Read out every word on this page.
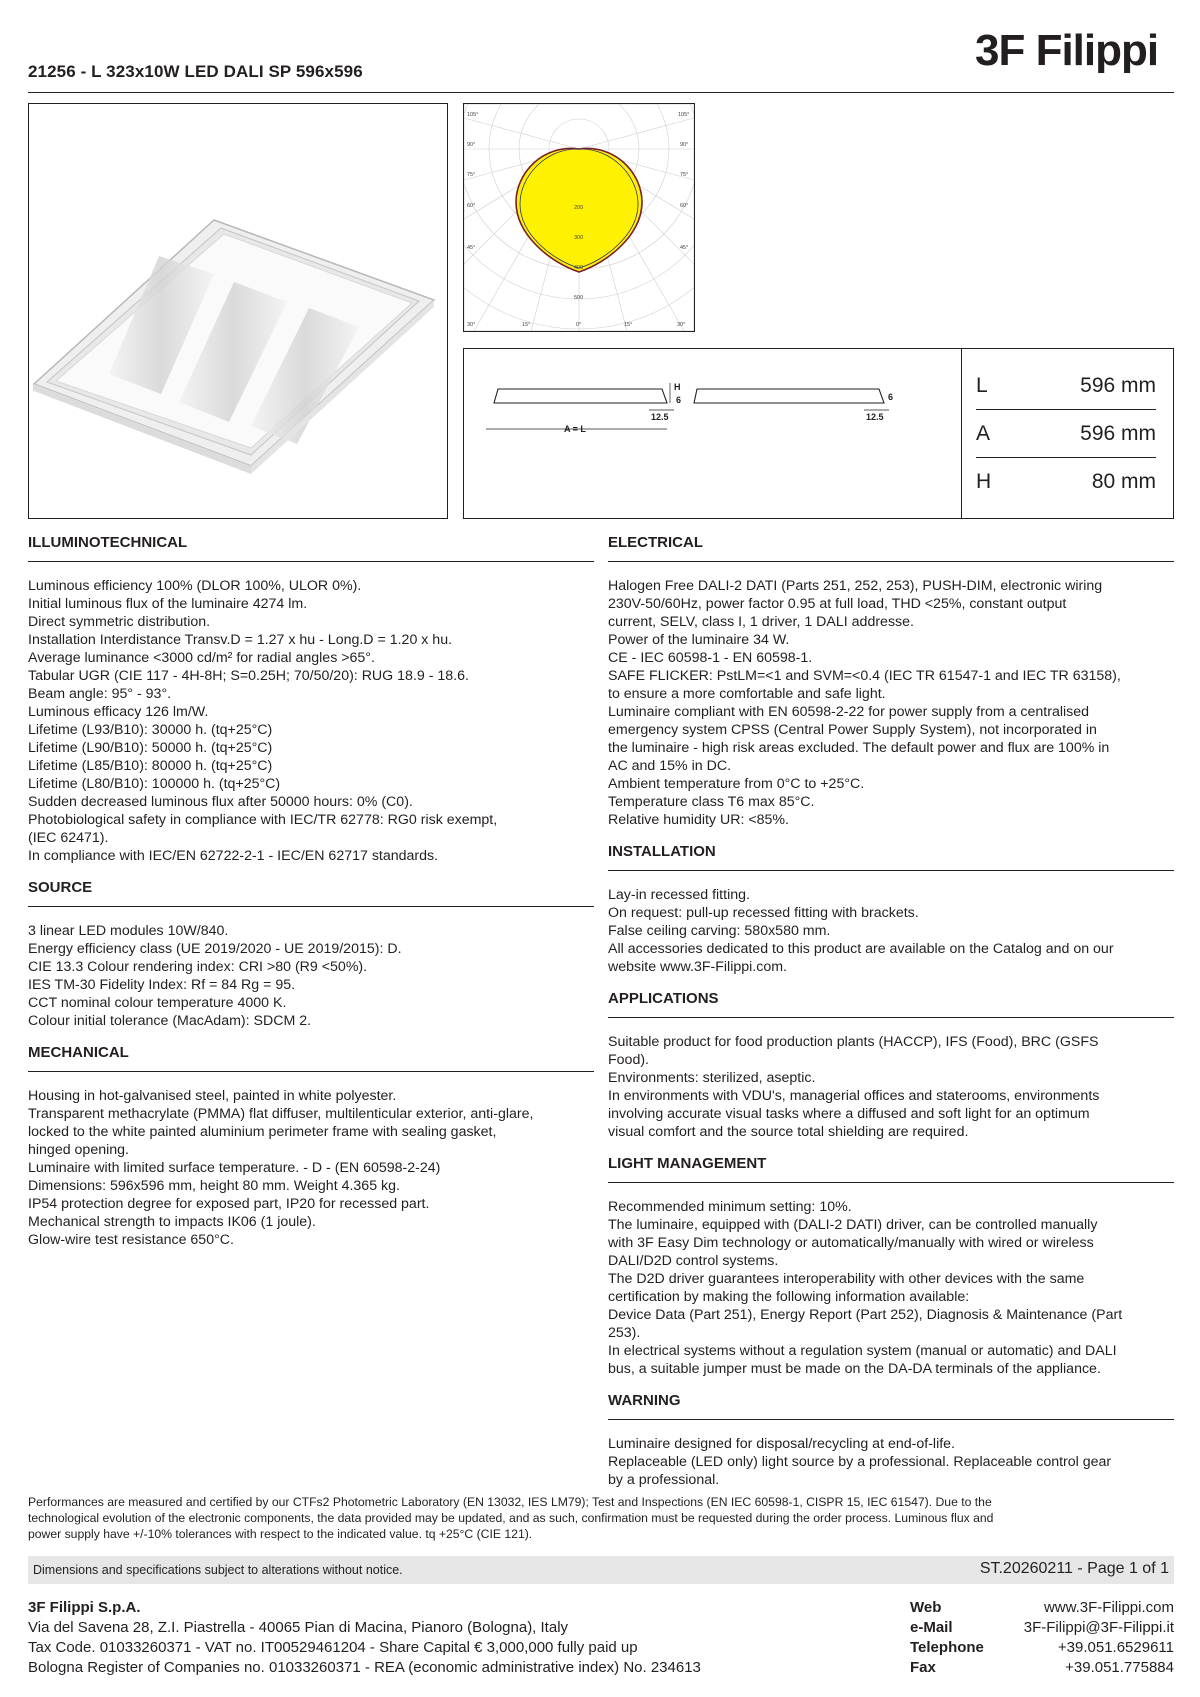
3F Filippi
21256 - L 323x10W LED DALI SP 596x596
105°
90°
75°
60°
45°
30°
105°
90°
75°
60°
45°
30°
15°	0°	15°
200
300
400
500
H
6	6
12.5	12.5
A = L
L	596 mm
A	596 mm
H	80 mm
ILLUMINOTECHNICAL
Luminous efficiency 100% (DLOR 100%, ULOR 0%).
Initial luminous flux of the luminaire 4274 lm.
Direct symmetric distribution.
Installation Interdistance Transv.D = 1.27 x hu - Long.D = 1.20 x hu.
Average luminance <3000 cd/m² for radial angles >65°.
Tabular UGR (CIE 117 - 4H-8H; S=0.25H; 70/50/20): RUG 18.9 - 18.6.
Beam angle: 95° - 93°.
Luminous efficacy 126 lm/W.
Lifetime (L93/B10): 30000 h. (tq+25°C)
Lifetime (L90/B10): 50000 h. (tq+25°C)
Lifetime (L85/B10): 80000 h. (tq+25°C)
Lifetime (L80/B10): 100000 h. (tq+25°C)
Sudden decreased luminous flux after 50000 hours: 0% (C0).
Photobiological safety in compliance with IEC/TR 62778: RG0 risk exempt,
(IEC 62471).
In compliance with IEC/EN 62722-2-1 - IEC/EN 62717 standards.
SOURCE
3 linear LED modules 10W/840.
Energy efficiency class (UE 2019/2020 - UE 2019/2015): D.
CIE 13.3 Colour rendering index: CRI >80 (R9 <50%).
IES TM-30 Fidelity Index: Rf = 84 Rg = 95.
CCT nominal colour temperature 4000 K.
Colour initial tolerance (MacAdam): SDCM 2.
MECHANICAL
Housing in hot-galvanised steel, painted in white polyester.
Transparent methacrylate (PMMA) flat diffuser, multilenticular exterior, anti-glare,
locked to the white painted aluminium perimeter frame with sealing gasket,
hinged opening.
Luminaire with limited surface temperature. - D - (EN 60598-2-24)
Dimensions: 596x596 mm, height 80 mm. Weight 4.365 kg.
IP54 protection degree for exposed part, IP20 for recessed part.
Mechanical strength to impacts IK06 (1 joule).
Glow-wire test resistance 650°C.
ELECTRICAL
Halogen Free DALI-2 DATI (Parts 251, 252, 253), PUSH-DIM, electronic wiring
230V-50/60Hz, power factor 0.95 at full load, THD <25%, constant output
current, SELV, class I, 1 driver, 1 DALI addresse.
Power of the luminaire 34 W.
CE - IEC 60598-1 - EN 60598-1.
SAFE FLICKER: PstLM=<1 and SVM=<0.4 (IEC TR 61547-1 and IEC TR 63158),
to ensure a more comfortable and safe light.
Luminaire compliant with EN 60598-2-22 for power supply from a centralised
emergency system CPSS (Central Power Supply System), not incorporated in
the luminaire - high risk areas excluded. The default power and flux are 100% in
AC and 15% in DC.
Ambient temperature from 0°C to +25°C.
Temperature class T6 max 85°C.
Relative humidity UR: <85%.
INSTALLATION
Lay-in recessed fitting.
On request: pull-up recessed fitting with brackets.
False ceiling carving: 580x580 mm.
All accessories dedicated to this product are available on the Catalog and on our
website www.3F-Filippi.com.
APPLICATIONS
Suitable product for food production plants (HACCP), IFS (Food), BRC (GSFS
Food).
Environments: sterilized, aseptic.
In environments with VDU's, managerial offices and staterooms, environments
involving accurate visual tasks where a diffused and soft light for an optimum
visual comfort and the source total shielding are required.
LIGHT MANAGEMENT
Recommended minimum setting: 10%.
The luminaire, equipped with (DALI-2 DATI) driver, can be controlled manually
with 3F Easy Dim technology or automatically/manually with wired or wireless
DALI/D2D control systems.
The D2D driver guarantees interoperability with other devices with the same
certification by making the following information available:
Device Data (Part 251), Energy Report (Part 252), Diagnosis & Maintenance (Part
253).
In electrical systems without a regulation system (manual or automatic) and DALI
bus, a suitable jumper must be made on the DA-DA terminals of the appliance.
WARNING
Luminaire designed for disposal/recycling at end-of-life.
Replaceable (LED only) light source by a professional. Replaceable control gear
by a professional.
Performances are measured and certified by our CTFs2 Photometric Laboratory (EN 13032, IES LM79); Test and Inspections (EN IEC 60598-1, CISPR 15, IEC 61547). Due to the
technological evolution of the electronic components, the data provided may be updated, and as such, confirmation must be requested during the order process. Luminous flux and
power supply have +/-10% tolerances with respect to the indicated value. tq +25°C (CIE 121).
Dimensions and specifications subject to alterations without notice.	ST.20260211 - Page 1 of 1
3F Filippi S.p.A.
Via del Savena 28, Z.I. Piastrella - 40065 Pian di Macina, Pianoro (Bologna), Italy
Tax Code. 01033260371 - VAT no. IT00529461204 - Share Capital € 3,000,000 fully paid up
Bologna Register of Companies no. 01033260371 - REA (economic administrative index) No. 234613
Web	www.3F-Filippi.com
e-Mail	3F-Filippi@3F-Filippi.it
Telephone	+39.051.6529611
Fax	+39.051.775884
